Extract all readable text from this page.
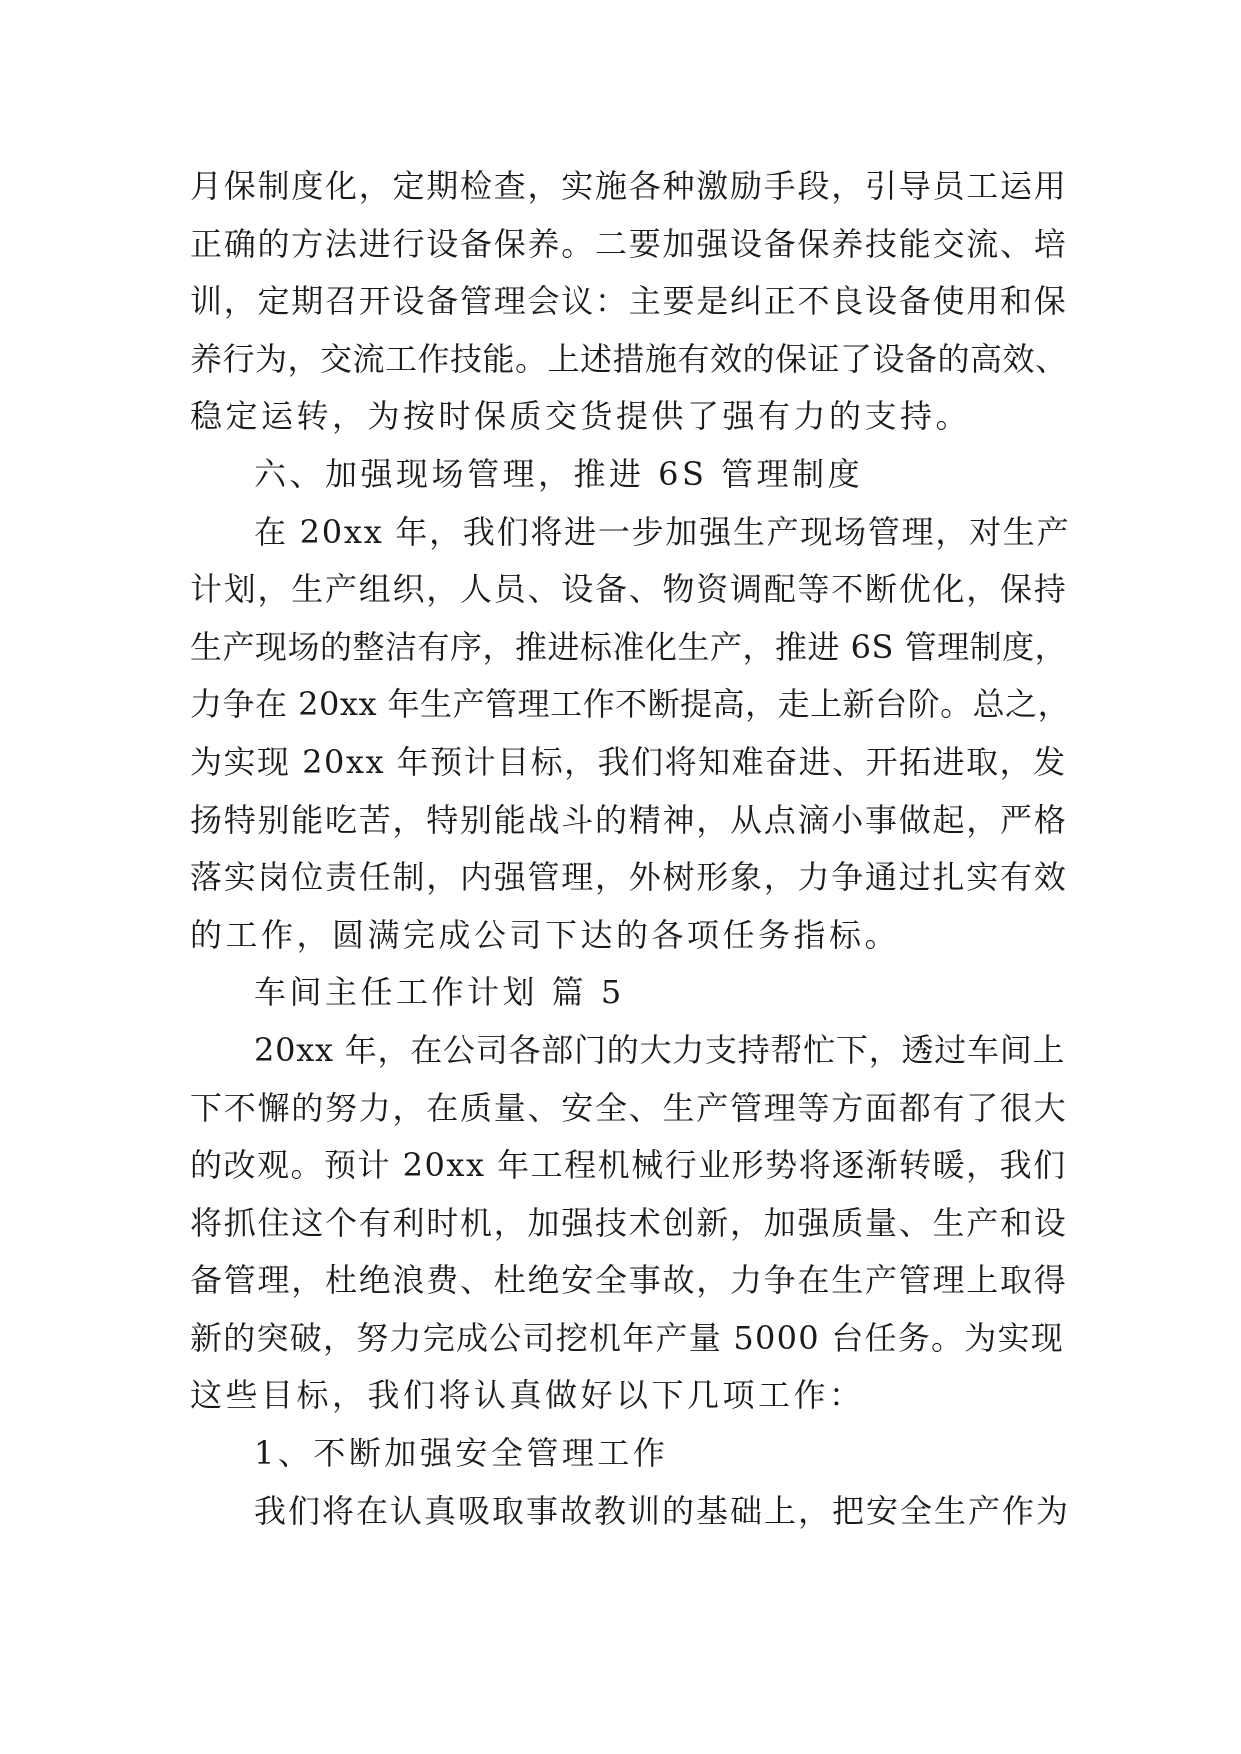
月保制度化，定期检查，实施各种激励手段，引导员工运用
正确的方法进行设备保养。二要加强设备保养技能交流、培
训，定期召开设备管理会议：主要是纠正不良设备使用和保
养行为，交流工作技能。上述措施有效的保证了设备的高效、
稳定运转，为按时保质交货提供了强有力的支持。
六、加强现场管理，推进 6S 管理制度
在 20xx 年，我们将进一步加强生产现场管理，对生产
计划，生产组织，人员、设备、物资调配等不断优化，保持
生产现场的整洁有序，推进标准化生产，推进 6S 管理制度，
力争在 20xx 年生产管理工作不断提高，走上新台阶。总之，
为实现 20xx 年预计目标，我们将知难奋进、开拓进取，发
扬特别能吃苦，特别能战斗的精神，从点滴小事做起，严格
落实岗位责任制，内强管理，外树形象，力争通过扎实有效
的工作，圆满完成公司下达的各项任务指标。
车间主任工作计划 篇 5
20xx 年，在公司各部门的大力支持帮忙下，透过车间上
下不懈的努力，在质量、安全、生产管理等方面都有了很大
的改观。预计 20xx 年工程机械行业形势将逐渐转暖，我们
将抓住这个有利时机，加强技术创新，加强质量、生产和设
备管理，杜绝浪费、杜绝安全事故，力争在生产管理上取得
新的突破，努力完成公司挖机年产量 5000 台任务。为实现
这些目标，我们将认真做好以下几项工作：
1、不断加强安全管理工作
我们将在认真吸取事故教训的基础上，把安全生产作为
